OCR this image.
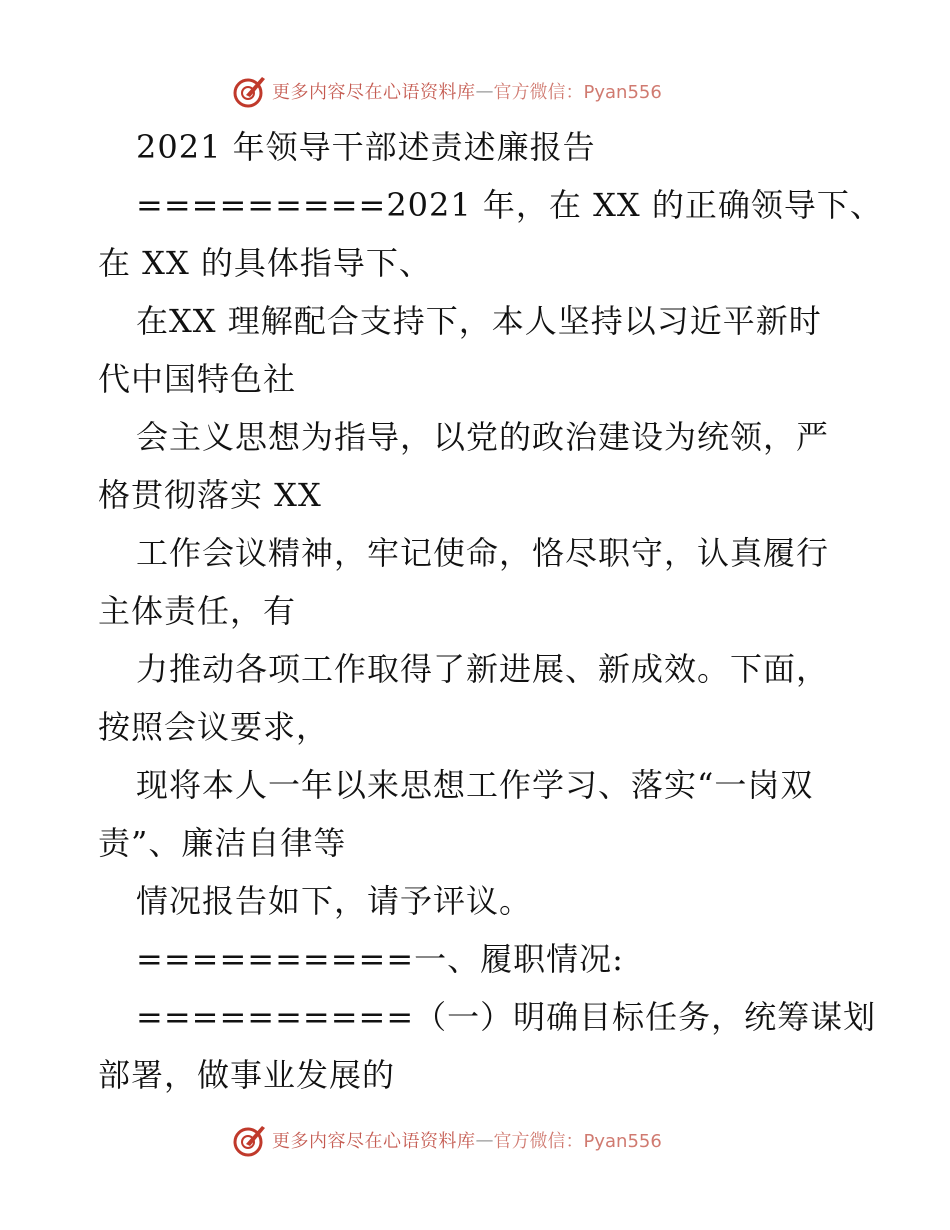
更多内容尽在心语资料库 — 官方微信：Pyan556
2021 年领导干部述责述廉报告
=========2021 年，在 XX 的正确领导下、
在 XX 的具体指导下、
在XX 理解配合支持下，本人坚持以习近平新时
代中国特色社
会主义思想为指导，以党的政治建设为统领，严
格贯彻落实 XX
工作会议精神，牢记使命，恪尽职守，认真履行
主体责任，有
力推动各项工作取得了新进展、新成效。下面，
按照会议要求，
现将本人一年以来思想工作学习、落实“一岗双
责”、廉洁自律等
情况报告如下，请予评议。
==========一、履职情况:
==========（一）明确目标任务，统筹谋划
部署，做事业发展的
更多内容尽在心语资料库 — 官方微信：Pyan556
